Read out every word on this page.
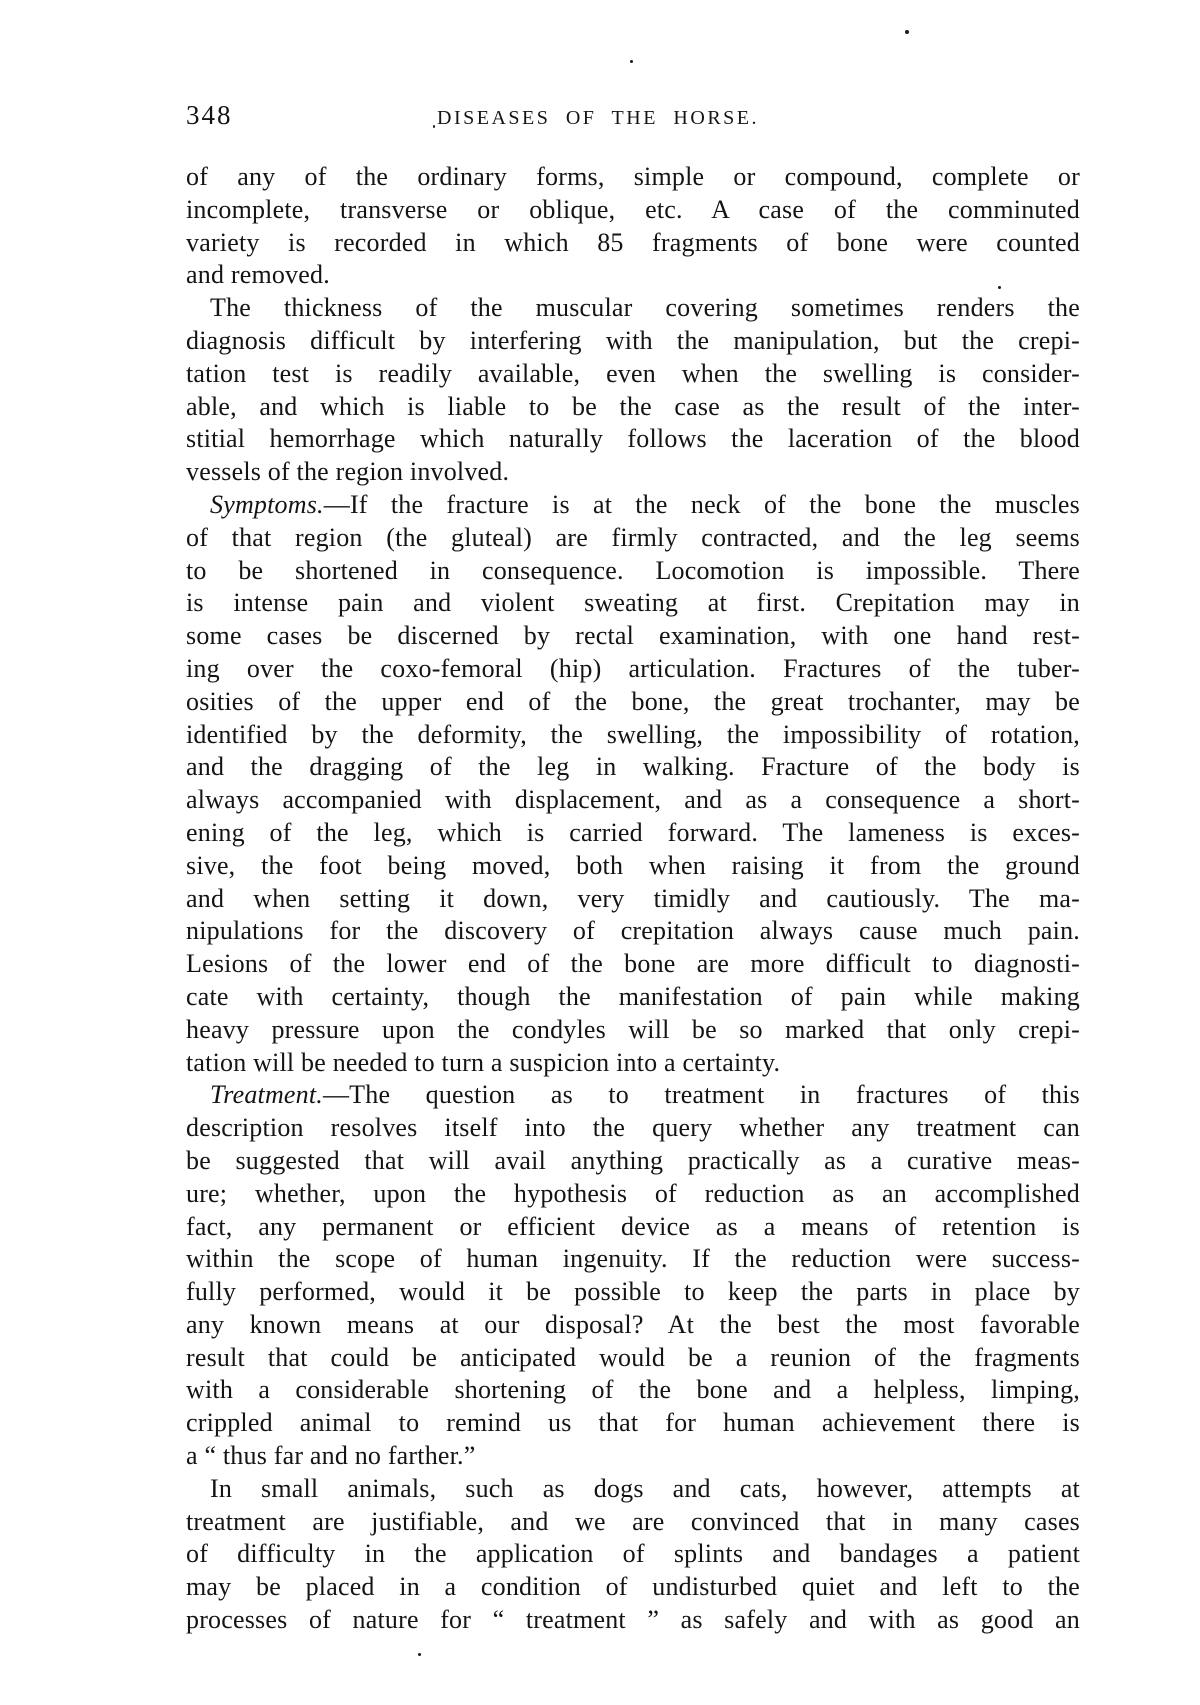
348	DISEASES OF THE HORSE.
of any of the ordinary forms, simple or compound, complete or
incomplete, transverse or oblique, etc. A case of the comminuted
variety is recorded in which 85 fragments of bone were counted
and removed.
The thickness of the muscular covering sometimes renders the
diagnosis difficult by interfering with the manipulation, but the crepi-
tation test is readily available, even when the swelling is consider-
able, and which is liable to be the case as the result of the inter-
stitial hemorrhage which naturally follows the laceration of the blood
vessels of the region involved.
Symptoms.—If the fracture is at the neck of the bone the muscles
of that region (the gluteal) are firmly contracted, and the leg seems
to be shortened in consequence. Locomotion is impossible. There
is intense pain and violent sweating at first. Crepitation may in
some cases be discerned by rectal examination, with one hand rest-
ing over the coxo-femoral (hip) articulation. Fractures of the tuber-
osities of the upper end of the bone, the great trochanter, may be
identified by the deformity, the swelling, the impossibility of rotation,
and the dragging of the leg in walking. Fracture of the body is
always accompanied with displacement, and as a consequence a short-
ening of the leg, which is carried forward. The lameness is exces-
sive, the foot being moved, both when raising it from the ground
and when setting it down, very timidly and cautiously. The ma-
nipulations for the discovery of crepitation always cause much pain.
Lesions of the lower end of the bone are more difficult to diagnosti-
cate with certainty, though the manifestation of pain while making
heavy pressure upon the condyles will be so marked that only crepi-
tation will be needed to turn a suspicion into a certainty.
Treatment.—The question as to treatment in fractures of this
description resolves itself into the query whether any treatment can
be suggested that will avail anything practically as a curative meas-
ure; whether, upon the hypothesis of reduction as an accomplished
fact, any permanent or efficient device as a means of retention is
within the scope of human ingenuity. If the reduction were success-
fully performed, would it be possible to keep the parts in place by
any known means at our disposal? At the best the most favorable
result that could be anticipated would be a reunion of the fragments
with a considerable shortening of the bone and a helpless, limping,
crippled animal to remind us that for human achievement there is
a “ thus far and no farther.”
In small animals, such as dogs and cats, however, attempts at
treatment are justifiable, and we are convinced that in many cases
of difficulty in the application of splints and bandages a patient
may be placed in a condition of undisturbed quiet and left to the
processes of nature for “ treatment ” as safely and with as good an
